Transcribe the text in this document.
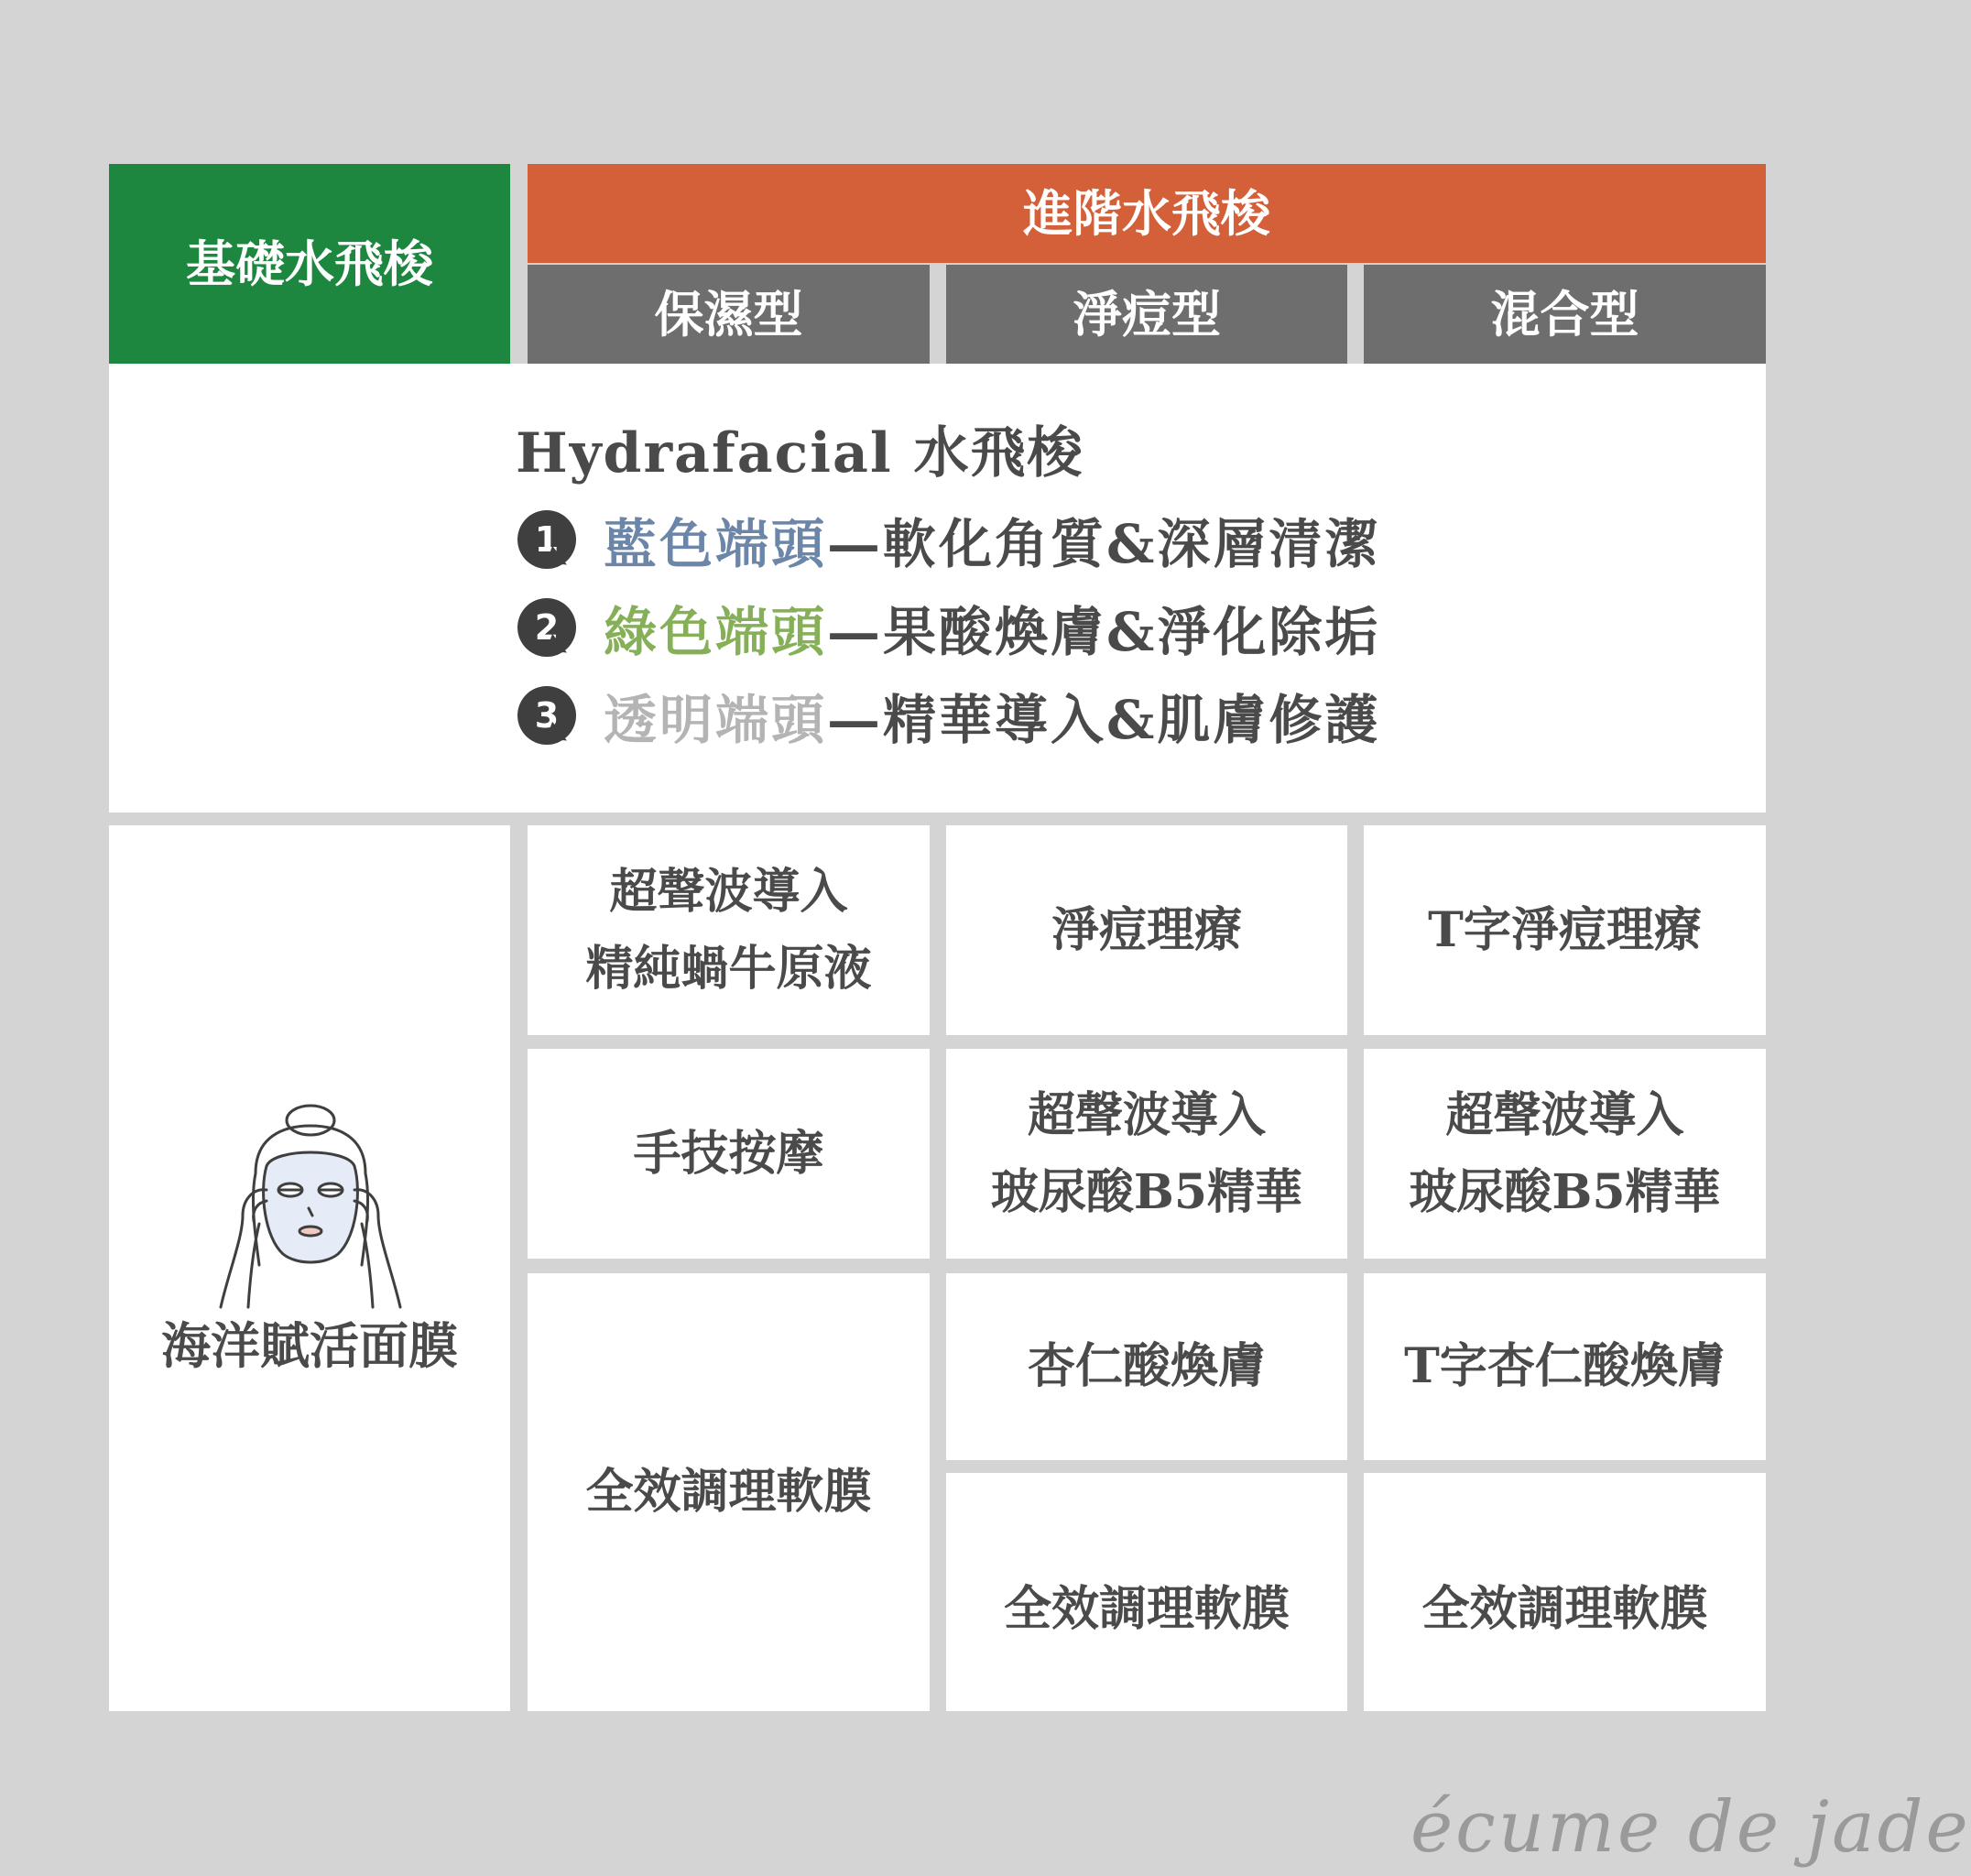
基礎水飛梭
進階水飛梭
保濕型	淨痘型	混合型
Hydrafacial 水飛梭
1 藍色端頭—軟化角質&深層清潔
2 綠色端頭—果酸煥膚&淨化除垢
3 透明端頭—精華導入&肌膚修護
海洋賦活面膜
超聲波導入
精純蝸牛原液
手技按摩
全效調理軟膜
淨痘理療
超聲波導入
玻尿酸B5精華
杏仁酸煥膚
全效調理軟膜
T字淨痘理療
超聲波導入
玻尿酸B5精華
T字杏仁酸煥膚
全效調理軟膜
écume de jade
